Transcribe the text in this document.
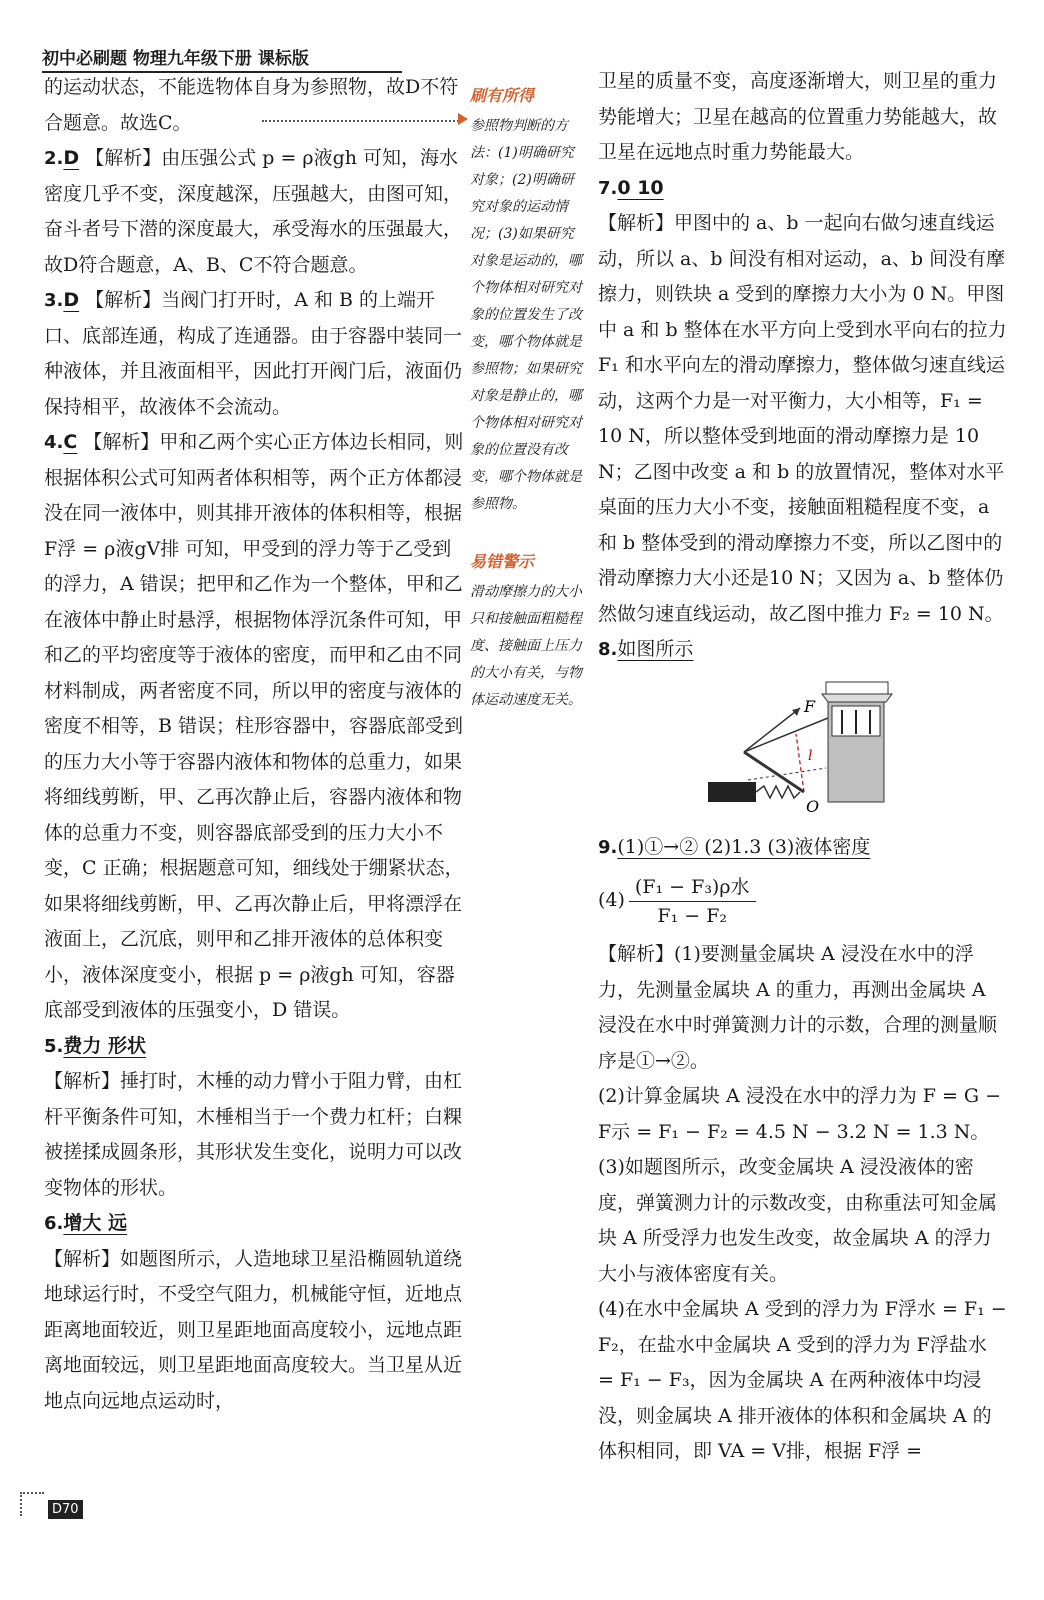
初中必刷题 物理九年级下册 课标版

的运动状态，不能选物体自身为参照物，故D不符合题意。故选C。

2.D 【解析】由压强公式 p = ρ液gh 可知，海水密度几乎不变，深度越深，压强越大，由图可知，奋斗者号下潜的深度最大，承受海水的压强最大，故D符合题意，A、B、C不符合题意。

3.D 【解析】当阀门打开时，A 和 B 的上端开口、底部连通，构成了连通器。由于容器中装同一种液体，并且液面相平，因此打开阀门后，液面仍保持相平，故液体不会流动。

4.C 【解析】甲和乙两个实心正方体边长相同，则根据体积公式可知两者体积相等，两个正方体都浸没在同一液体中，则其排开液体的体积相等，根据 F浮 = ρ液gV排 可知，甲受到的浮力等于乙受到的浮力，A 错误；把甲和乙作为一个整体，甲和乙在液体中静止时悬浮，根据物体浮沉条件可知，甲和乙的平均密度等于液体的密度，而甲和乙由不同材料制成，两者密度不同，所以甲的密度与液体的密度不相等，B 错误；柱形容器中，容器底部受到的压力大小等于容器内液体和物体的总重力，如果将细线剪断，甲、乙再次静止后，容器内液体和物体的总重力不变，则容器底部受到的压力大小不变，C 正确；根据题意可知，细线处于绷紧状态，如果将细线剪断，甲、乙再次静止后，甲将漂浮在液面上，乙沉底，则甲和乙排开液体的总体积变小，液体深度变小，根据 p = ρ液gh 可知，容器底部受到液体的压强变小，D 错误。

5.费力 形状
【解析】捶打时，木棰的动力臂小于阻力臂，由杠杆平衡条件可知，木棰相当于一个费力杠杆；白粿被搓揉成圆条形，其形状发生变化，说明力可以改变物体的形状。

6.增大 远
【解析】如题图所示，人造地球卫星沿椭圆轨道绕地球运行时，不受空气阻力，机械能守恒，近地点距离地面较近，则卫星距地面高度较小，远地点距离地面较远，则卫星距地面高度较大。当卫星从近地点向远地点运动时，

刷有所得
参照物判断的方法：(1)明确研究对象；(2)明确研究对象的运动情况；(3)如果研究对象是运动的，哪个物体相对研究对象的位置发生了改变，哪个物体就是参照物；如果研究对象是静止的，哪个物体相对研究对象的位置没有改变，哪个物体就是参照物。
易错警示
滑动摩擦力的大小只和接触面粗糙程度、接触面上压力的大小有关，与物体运动速度无关。

卫星的质量不变，高度逐渐增大，则卫星的重力势能增大；卫星在越高的位置重力势能越大，故卫星在远地点时重力势能最大。

7.0 10
【解析】甲图中的 a、b 一起向右做匀速直线运动，所以 a、b 间没有相对运动，a、b 间没有摩擦力，则铁块 a 受到的摩擦力大小为 0 N。甲图中 a 和 b 整体在水平方向上受到水平向右的拉力 F₁ 和水平向左的滑动摩擦力，整体做匀速直线运动，这两个力是一对平衡力，大小相等，F₁ = 10 N，所以整体受到地面的滑动摩擦力是 10 N；乙图中改变 a 和 b 的放置情况，整体对水平桌面的压力大小不变，接触面粗糙程度不变，a 和 b 整体受到的滑动摩擦力不变，所以乙图中的滑动摩擦力大小还是10 N；又因为 a、b 整体仍然做匀速直线运动，故乙图中推力 F₂ = 10 N。

8.如图所示

F
l
O

9.(1)①→② (2)1.3 (3)液体密度

$(4) \frac{\text{(F₁ − F₃)ρ水}}{\text{F₁ − F₂}}$

【解析】(1)要测量金属块 A 浸没在水中的浮力，先测量金属块 A 的重力，再测出金属块 A 浸没在水中时弹簧测力计的示数，合理的测量顺序是①→②。

(2)计算金属块 A 浸没在水中的浮力为 F = G − F示 = F₁ − F₂ = 4.5 N − 3.2 N = 1.3 N。

(3)如题图所示，改变金属块 A 浸没液体的密度，弹簧测力计的示数改变，由称重法可知金属块 A 所受浮力也发生改变，故金属块 A 的浮力大小与液体密度有关。

(4)在水中金属块 A 受到的浮力为 F浮水 = F₁ − F₂，在盐水中金属块 A 受到的浮力为 F浮盐水 = F₁ − F₃，因为金属块 A 在两种液体中均浸没，则金属块 A 排开液体的体积和金属块 A 的体积相同，即 VA = V排，根据 F浮 =

D70
